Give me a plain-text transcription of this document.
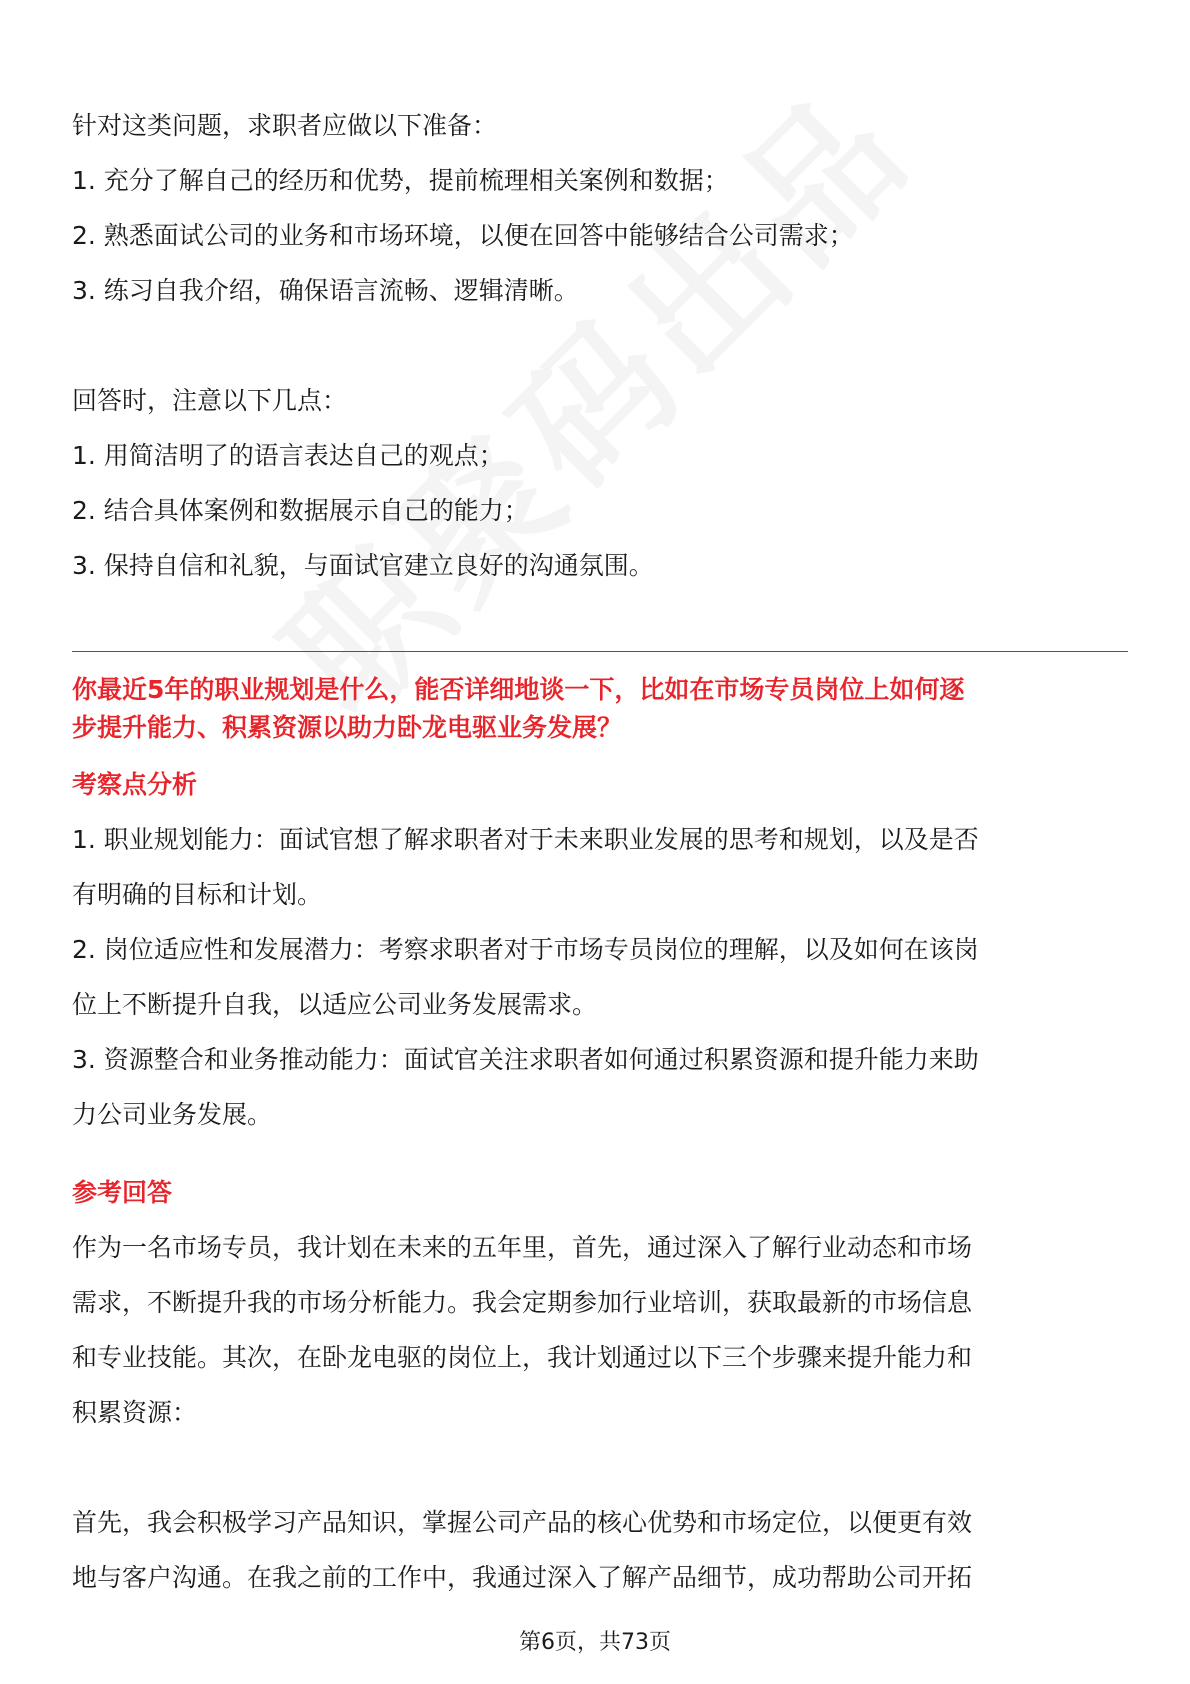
针对这类问题，求职者应做以下准备：
1. 充分了解自己的经历和优势，提前梳理相关案例和数据；
2. 熟悉面试公司的业务和市场环境，以便在回答中能够结合公司需求；
3. 练习自我介绍，确保语言流畅、逻辑清晰。
回答时，注意以下几点：
1. 用简洁明了的语言表达自己的观点；
2. 结合具体案例和数据展示自己的能力；
3. 保持自信和礼貌，与面试官建立良好的沟通氛围。
你最近5年的职业规划是什么，能否详细地谈一下，比如在市场专员岗位上如何逐
步提升能力、积累资源以助力卧龙电驱业务发展？
考察点分析
1. 职业规划能力：面试官想了解求职者对于未来职业发展的思考和规划，以及是否
有明确的目标和计划。
2. 岗位适应性和发展潜力：考察求职者对于市场专员岗位的理解，以及如何在该岗
位上不断提升自我，以适应公司业务发展需求。
3. 资源整合和业务推动能力：面试官关注求职者如何通过积累资源和提升能力来助
力公司业务发展。
参考回答
作为一名市场专员，我计划在未来的五年里，首先，通过深入了解行业动态和市场
需求，不断提升我的市场分析能力。我会定期参加行业培训，获取最新的市场信息
和专业技能。其次，在卧龙电驱的岗位上，我计划通过以下三个步骤来提升能力和
积累资源：
首先，我会积极学习产品知识，掌握公司产品的核心优势和市场定位，以便更有效
地与客户沟通。在我之前的工作中，我通过深入了解产品细节，成功帮助公司开拓
第6页，共73页
